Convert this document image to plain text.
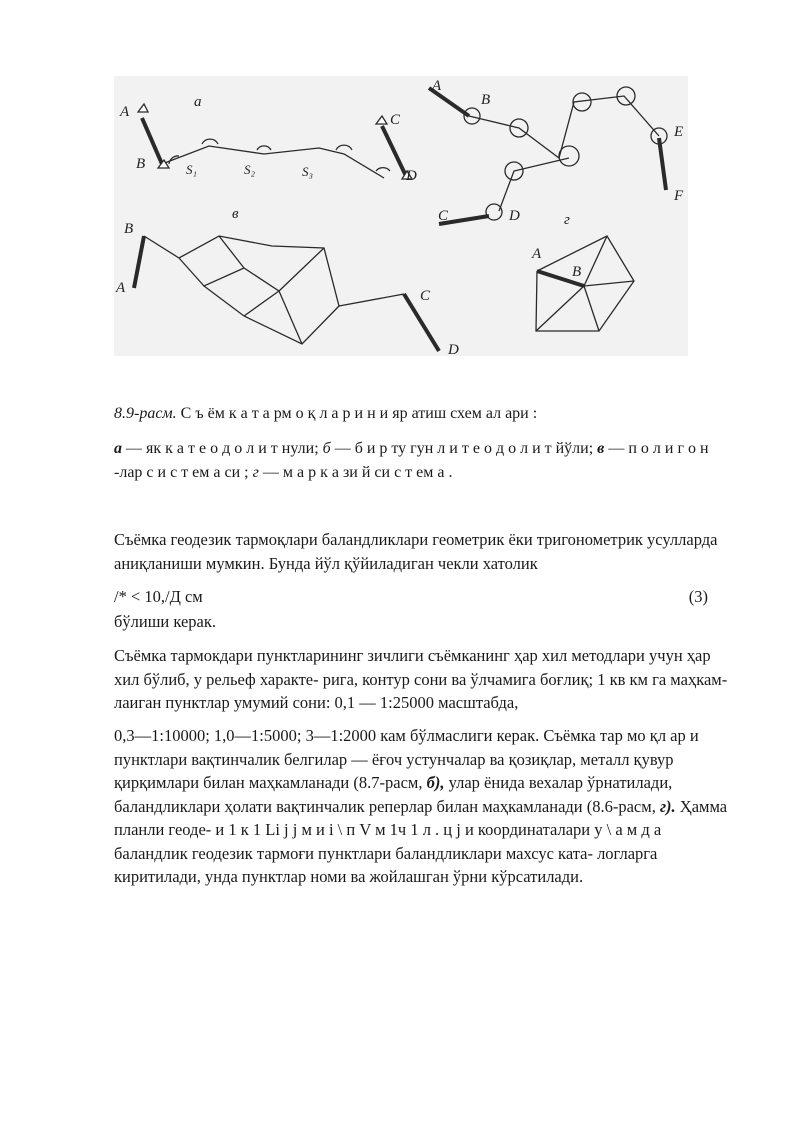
A
B
а
S₁	S₂	S₃
C
D
A
B
E
F
C	D
в
B
A	C
D
г
A
B
8.9-расм. С ъ ём к а т а рм о қ л а р и н и яр атиш схем ал ари :
а — як к а т е о д о л и т нули; б — б и р ту гун л и т е о д о л и т йўли; в — п о л и г о н -лар с и с т ем а си ; г — м а р к а зи й си с т ем а .
Съёмка геодезик тармоқлари баландликлари геометрик ёки тригонометрик усулларда аниқланиши мумкин. Бунда йўл қўйиладиган чекли хатолик
/* < 10,/Д см	(3)
бўлиши керак.
Съёмка тармокдари пунктларининг зичлиги съёмканинг ҳар хил методлари учун ҳар хил бўлиб, у рельеф характе- рига, контур сони ва ўлчамига боғлиқ; 1 кв км га маҳкам- лаиган пунктлар умумий сони: 0,1 — 1:25000 масштабда,
0,3—1:10000; 1,0—1:5000; 3—1:2000 кам бўлмаслиги керак. Съёмка тар мо қл ар и пунктлари вақтинчалик белгилар — ёғоч устунчалар ва қозиқлар, металл қувур қирқимлари билан маҳкамланади (8.7-расм, б), улар ёнида вехалар ўрнатилади, баландликлари ҳолати вақтинчалик реперлар билан маҳкамланади (8.6-расм, г). Ҳамма планли геоде- и 1 к 1 Li j j м и i \ п V м 1ч 1 л . ц j и координаталари у \ а м д а баландлик геодезик тармоғи пунктлари баландликлари махсус ката- логларга киритилади, унда пунктлар номи ва жойлашган ўрни кўрсатилади.
